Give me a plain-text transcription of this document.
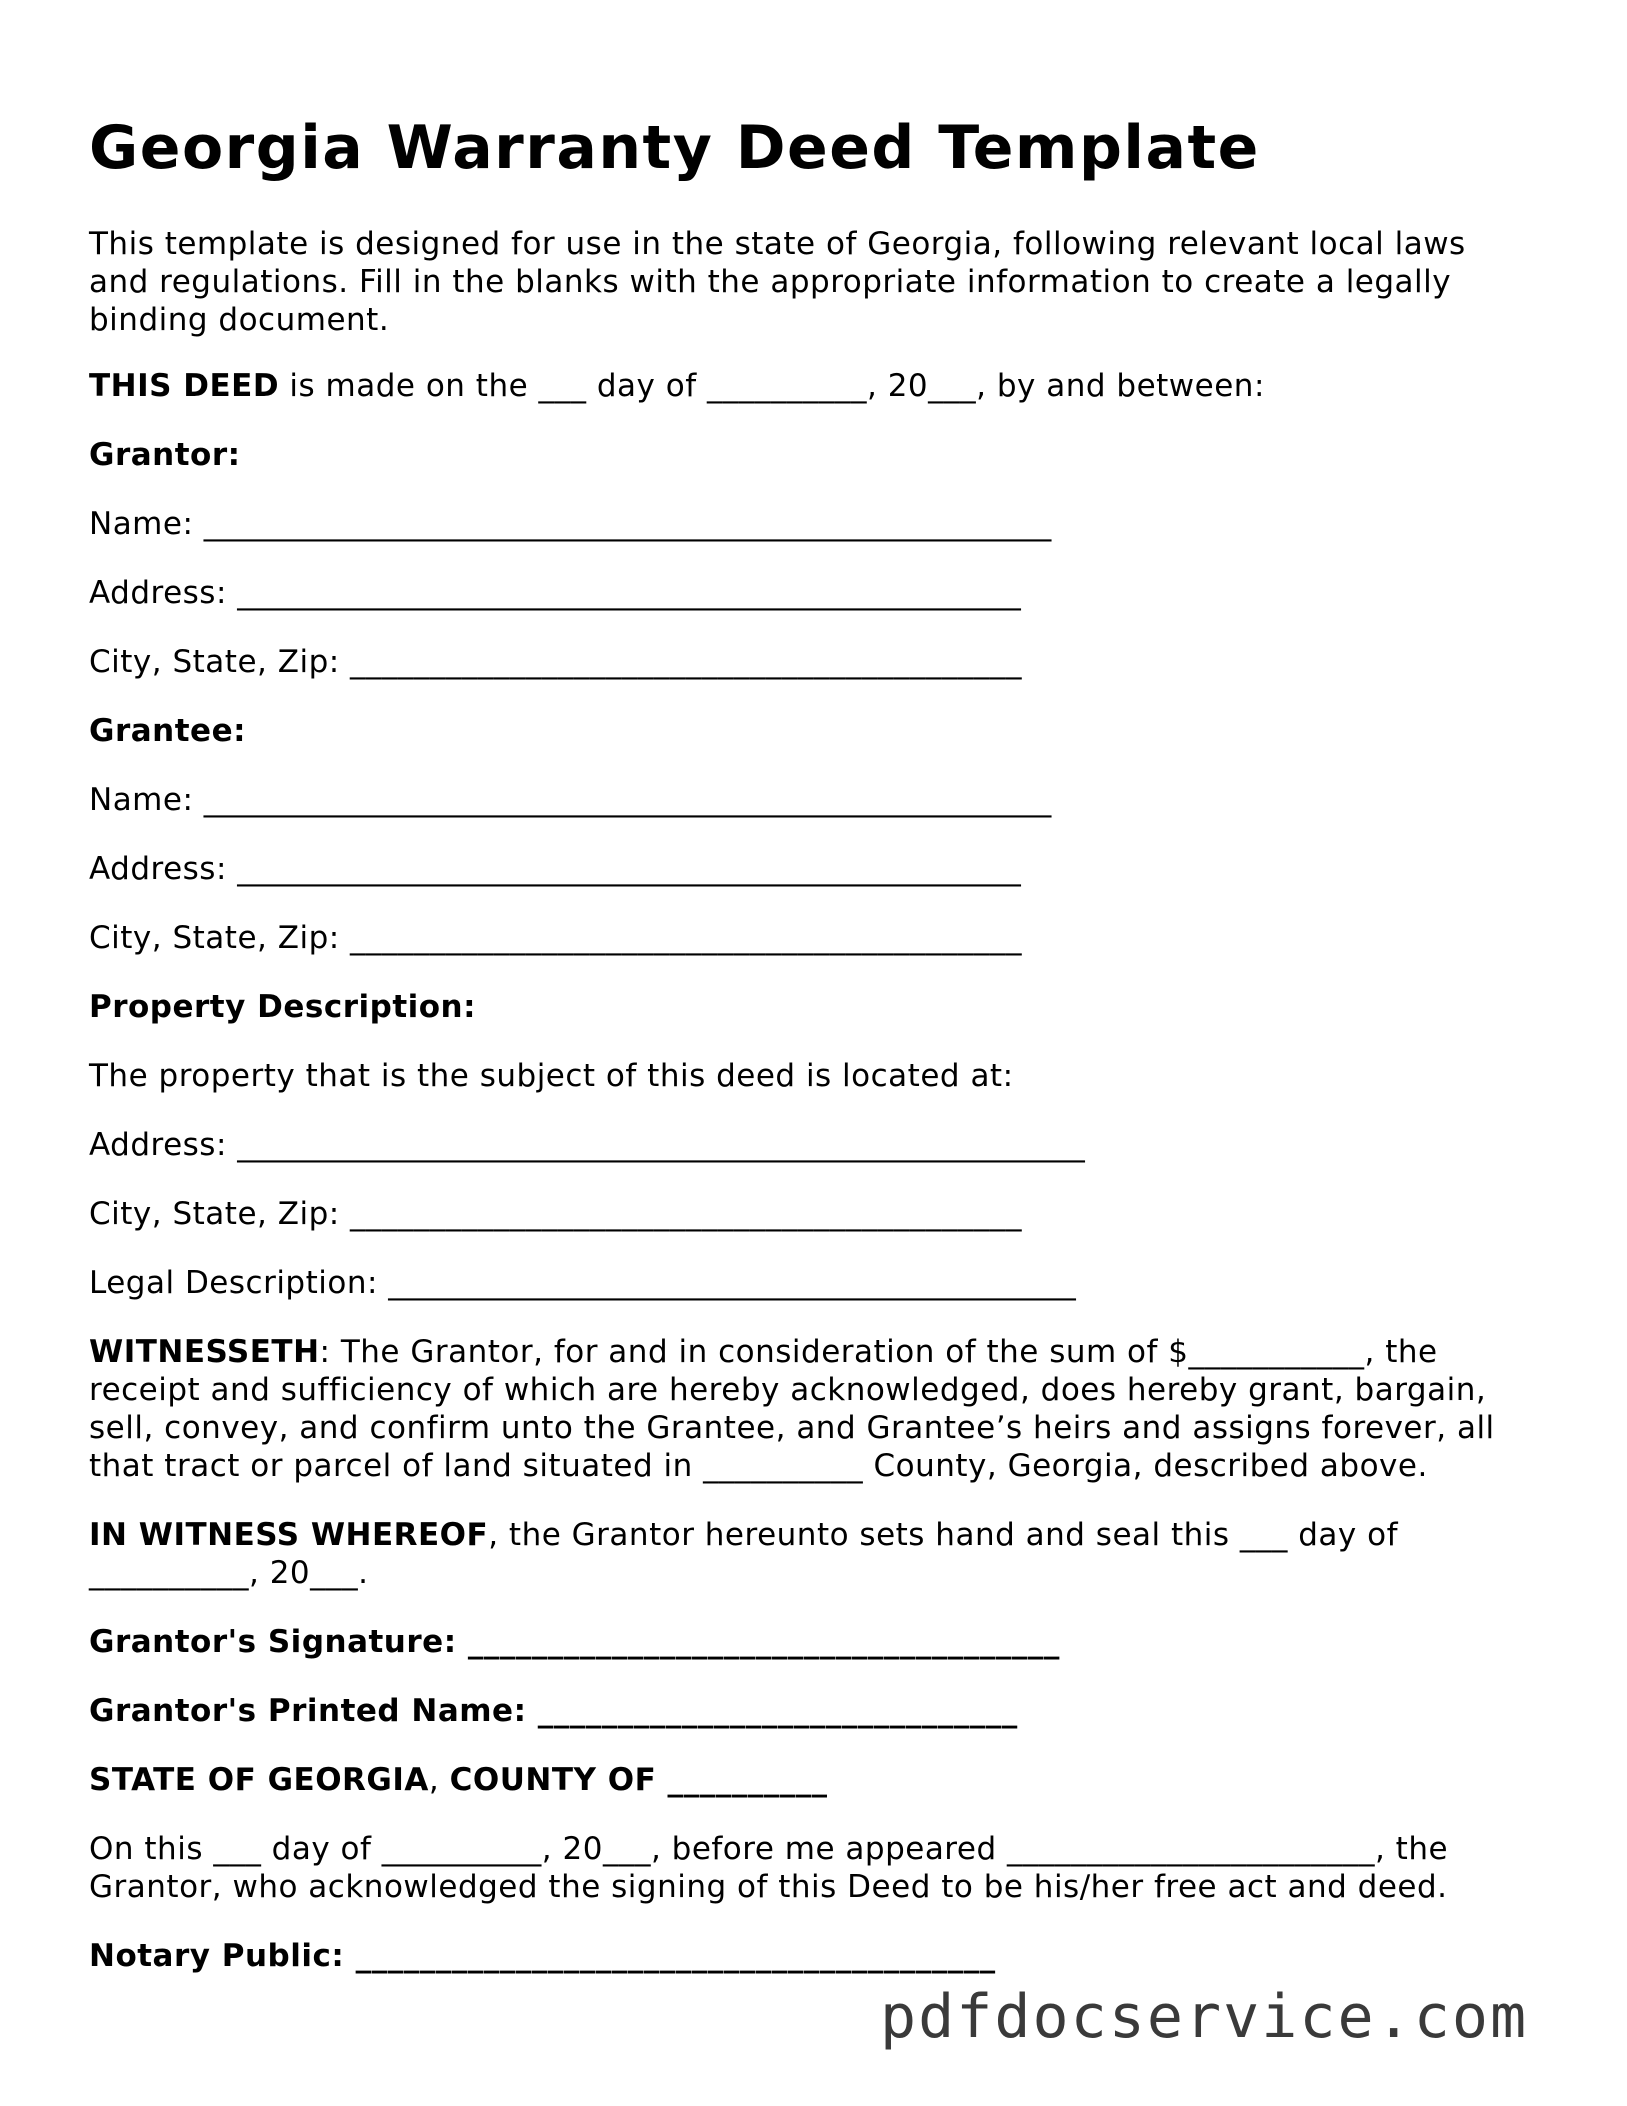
Georgia Warranty Deed Template

This template is designed for use in the state of Georgia, following relevant local laws and regulations. Fill in the blanks with the appropriate information to create a legally binding document.

THIS DEED is made on the ___ day of __________, 20___, by and between:

Grantor:

Name: _____________________________________________________

Address: _________________________________________________

City, State, Zip: __________________________________________

Grantee:

Name: _____________________________________________________

Address: _________________________________________________

City, State, Zip: __________________________________________

Property Description:

The property that is the subject of this deed is located at:

Address: _____________________________________________________

City, State, Zip: __________________________________________

Legal Description: ___________________________________________

WITNESSETH: The Grantor, for and in consideration of the sum of $___________, the receipt and sufficiency of which are hereby acknowledged, does hereby grant, bargain, sell, convey, and confirm unto the Grantee, and Grantee’s heirs and assigns forever, all that tract or parcel of land situated in __________ County, Georgia, described above.

IN WITNESS WHEREOF, the Grantor hereunto sets hand and seal this ___ day of __________, 20___.

Grantor's Signature: _____________________________________

Grantor's Printed Name: ______________________________

STATE OF GEORGIA, COUNTY OF __________

On this ___ day of __________, 20___, before me appeared _______________________, the Grantor, who acknowledged the signing of this Deed to be his/her free act and deed.

Notary Public: ________________________________________

pdfdocservice.com
